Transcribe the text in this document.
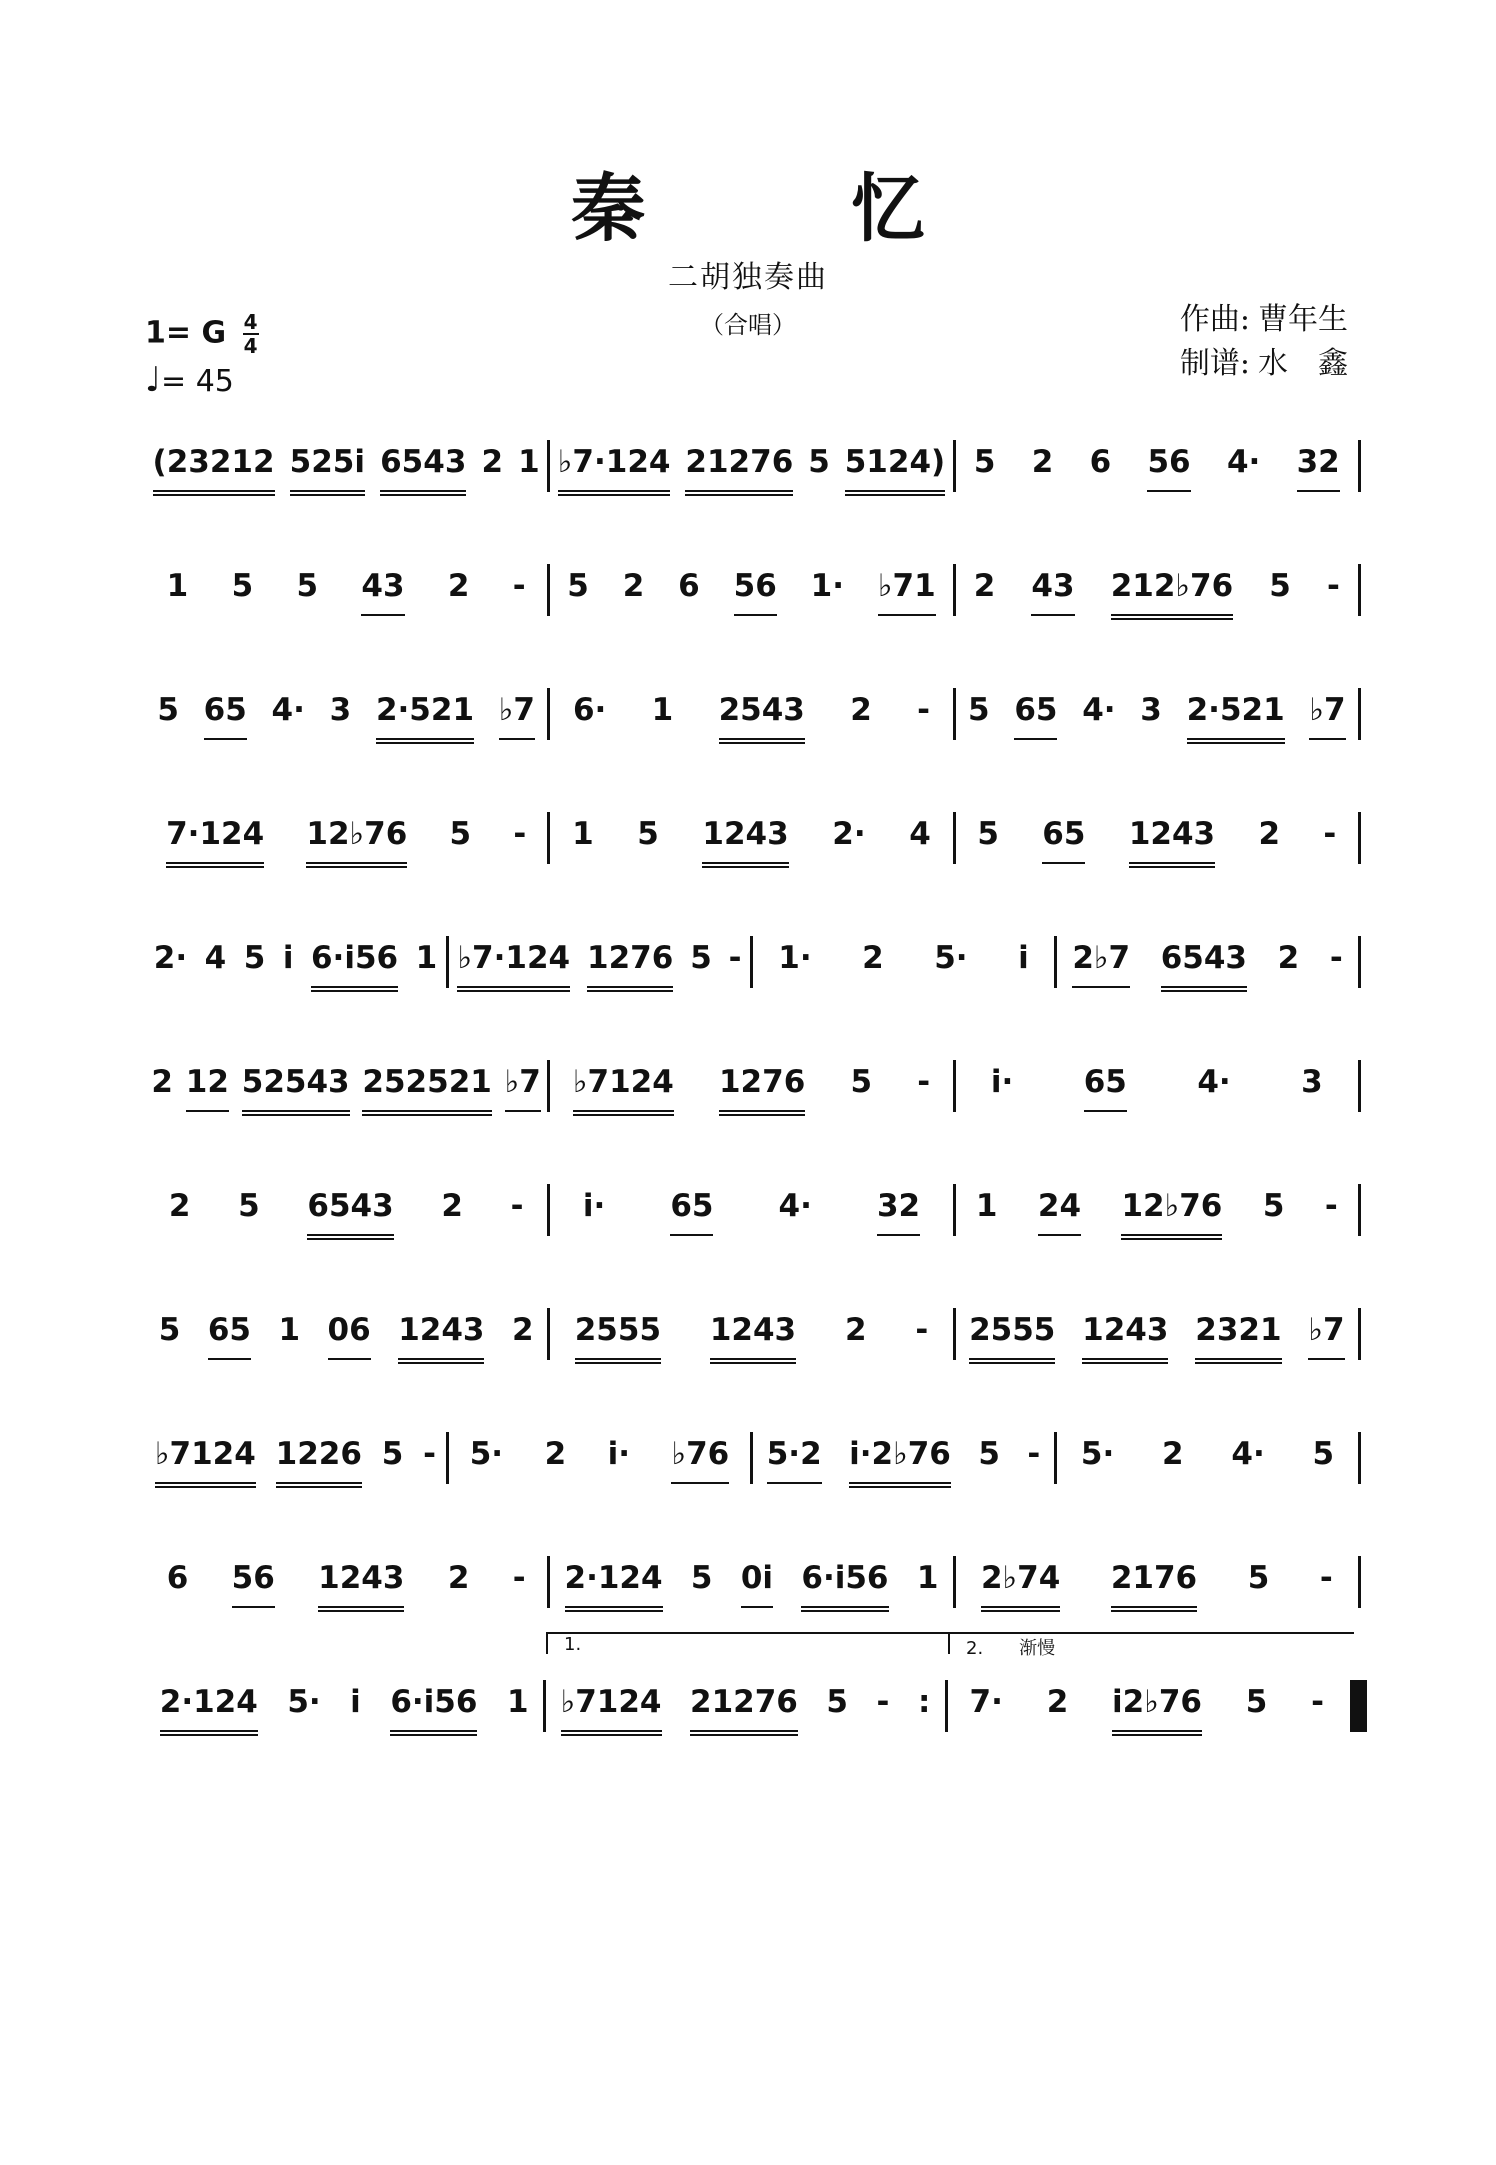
秦 忆
二胡独奏曲
（合唱）
1= G $\frac{4}{4}$
♩= 45
作曲: 曹年生
制谱: 水　鑫
(23212 525i 6543 2 1 ♭7·124 21276 5 5124) 5 2 6 56 4· 32
1 5 5 43 2 - 5 2 6 56 1· ♭71 2 43 212♭76 5 -
5 65 4· 3 2·521 ♭7 6· 1 2543 2 - 5 65 4· 3 2·521 ♭7
7·124 12♭76 5 - 1 5 1243 2· 4 5 65 1243 2 -
2· 4 5 i 6·i56 1 ♭7·124 1276 5 - 1· 2 5· i 2♭7 6543 2 -
2 12 52543 252521 ♭7 ♭7124 1276 5 - i· 65 4· 3
2 5 6543 2 - i· 65 4· 32 1 24 12♭76 5 -
5 65 1 06 1243 2 2555 1243 2 - 2555 1243 2321 ♭7
♭7124 1226 5 - 5· 2 i· ♭76 5·2 i·2♭76 5 - 5· 2 4· 5
6 56 1243 2 - 2·124 5 0i 6·i56 1 2♭74 2176 5 -
2·124 5· i 6·i56 1 ♭7124 21276 5 - : 7· 2 i2♭76 5 -
1.	2.　　渐慢
